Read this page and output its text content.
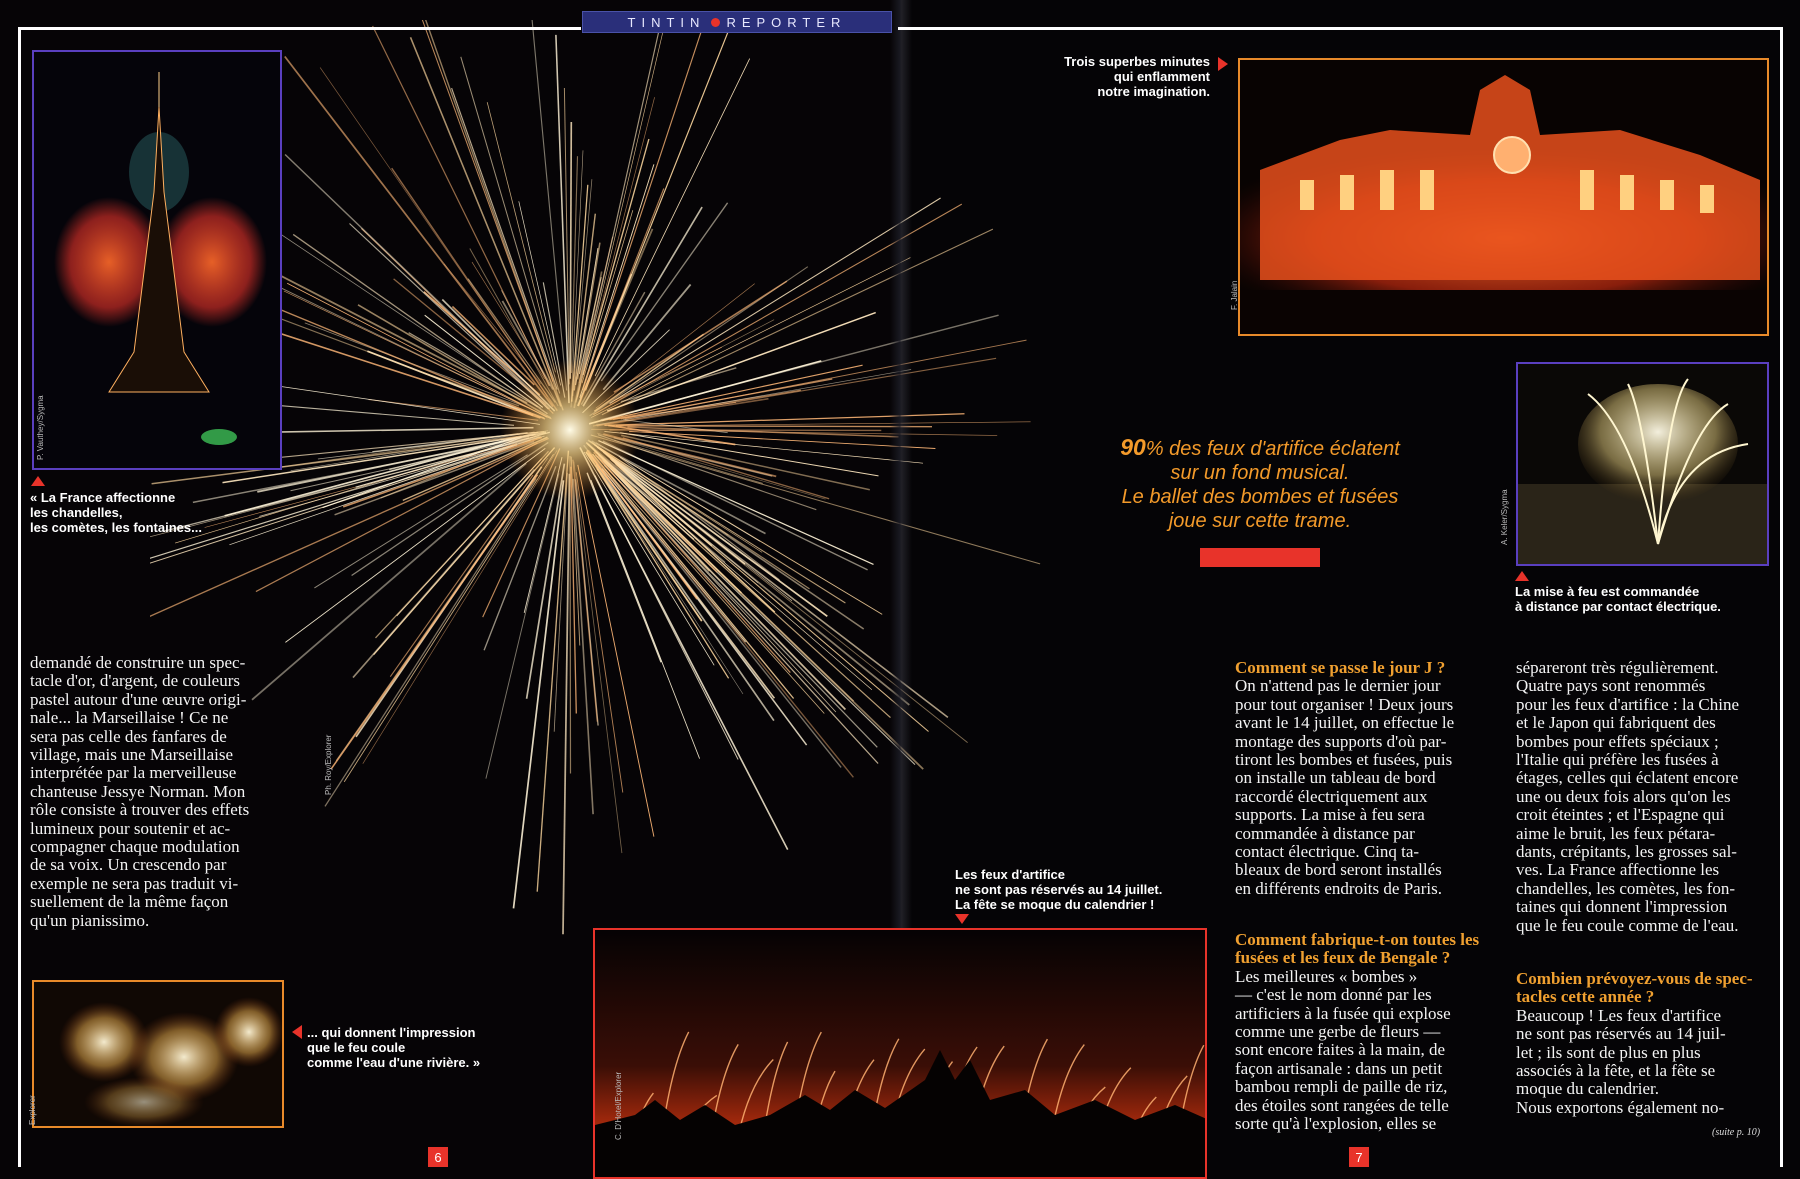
TINTIN REPORTER
P. Vauthey/Sygma
« La France affectionne
les chandelles,
les comètes, les fontaines...
demandé de construire un spec-
tacle d'or, d'argent, de couleurs
pastel autour d'une œuvre origi-
nale... la Marseillaise ! Ce ne
sera pas celle des fanfares de
village, mais une Marseillaise
interprétée par la merveilleuse
chanteuse Jessye Norman. Mon
rôle consiste à trouver des effets
lumineux pour soutenir et ac-
compagner chaque modulation
de sa voix. Un crescendo par
exemple ne sera pas traduit vi-
suellement de la même façon
qu'un pianissimo.
Ph. Roy/Explorer
Explorer
... qui donnent l'impression
que le feu coule
comme l'eau d'une rivière. »
C. D'Hotel/Explorer
Les feux d'artifice
ne sont pas réservés au 14 juillet.
La fête se moque du calendrier !
6	7
Trois superbes minutes
qui enflamment
notre imagination.
F. Jalain
90% des feux d'artifice éclatent
sur un fond musical.
Le ballet des bombes et fusées
joue sur cette trame.	A. Keler/Sygma
La mise à feu est commandée
à distance par contact électrique.
Comment se passe le jour J ?
On n'attend pas le dernier jour
pour tout organiser ! Deux jours
avant le 14 juillet, on effectue le
montage des supports d'où par-
tiront les bombes et fusées, puis
on installe un tableau de bord
raccordé électriquement aux
supports. La mise à feu sera
commandée à distance par
contact électrique. Cinq ta-
bleaux de bord seront installés
en différents endroits de Paris.
Comment fabrique-t-on toutes les
fusées et les feux de Bengale ?
Les meilleures « bombes »
— c'est le nom donné par les
artificiers à la fusée qui explose
comme une gerbe de fleurs —
sont encore faites à la main, de
façon artisanale : dans un petit
bambou rempli de paille de riz,
des étoiles sont rangées de telle
sorte qu'à l'explosion, elles se
sépareront très régulièrement.
Quatre pays sont renommés
pour les feux d'artifice : la Chine
et le Japon qui fabriquent des
bombes pour effets spéciaux ;
l'Italie qui préfère les fusées à
étages, celles qui éclatent encore
une ou deux fois alors qu'on les
croit éteintes ; et l'Espagne qui
aime le bruit, les feux pétara-
dants, crépitants, les grosses sal-
ves. La France affectionne les
chandelles, les comètes, les fon-
taines qui donnent l'impression
que le feu coule comme de l'eau.
Combien prévoyez-vous de spec-
tacles cette année ?
Beaucoup ! Les feux d'artifice
ne sont pas réservés au 14 juil-
let ; ils sont de plus en plus
associés à la fête, et la fête se
moque du calendrier.
Nous exportons également no-
(suite p. 10)
